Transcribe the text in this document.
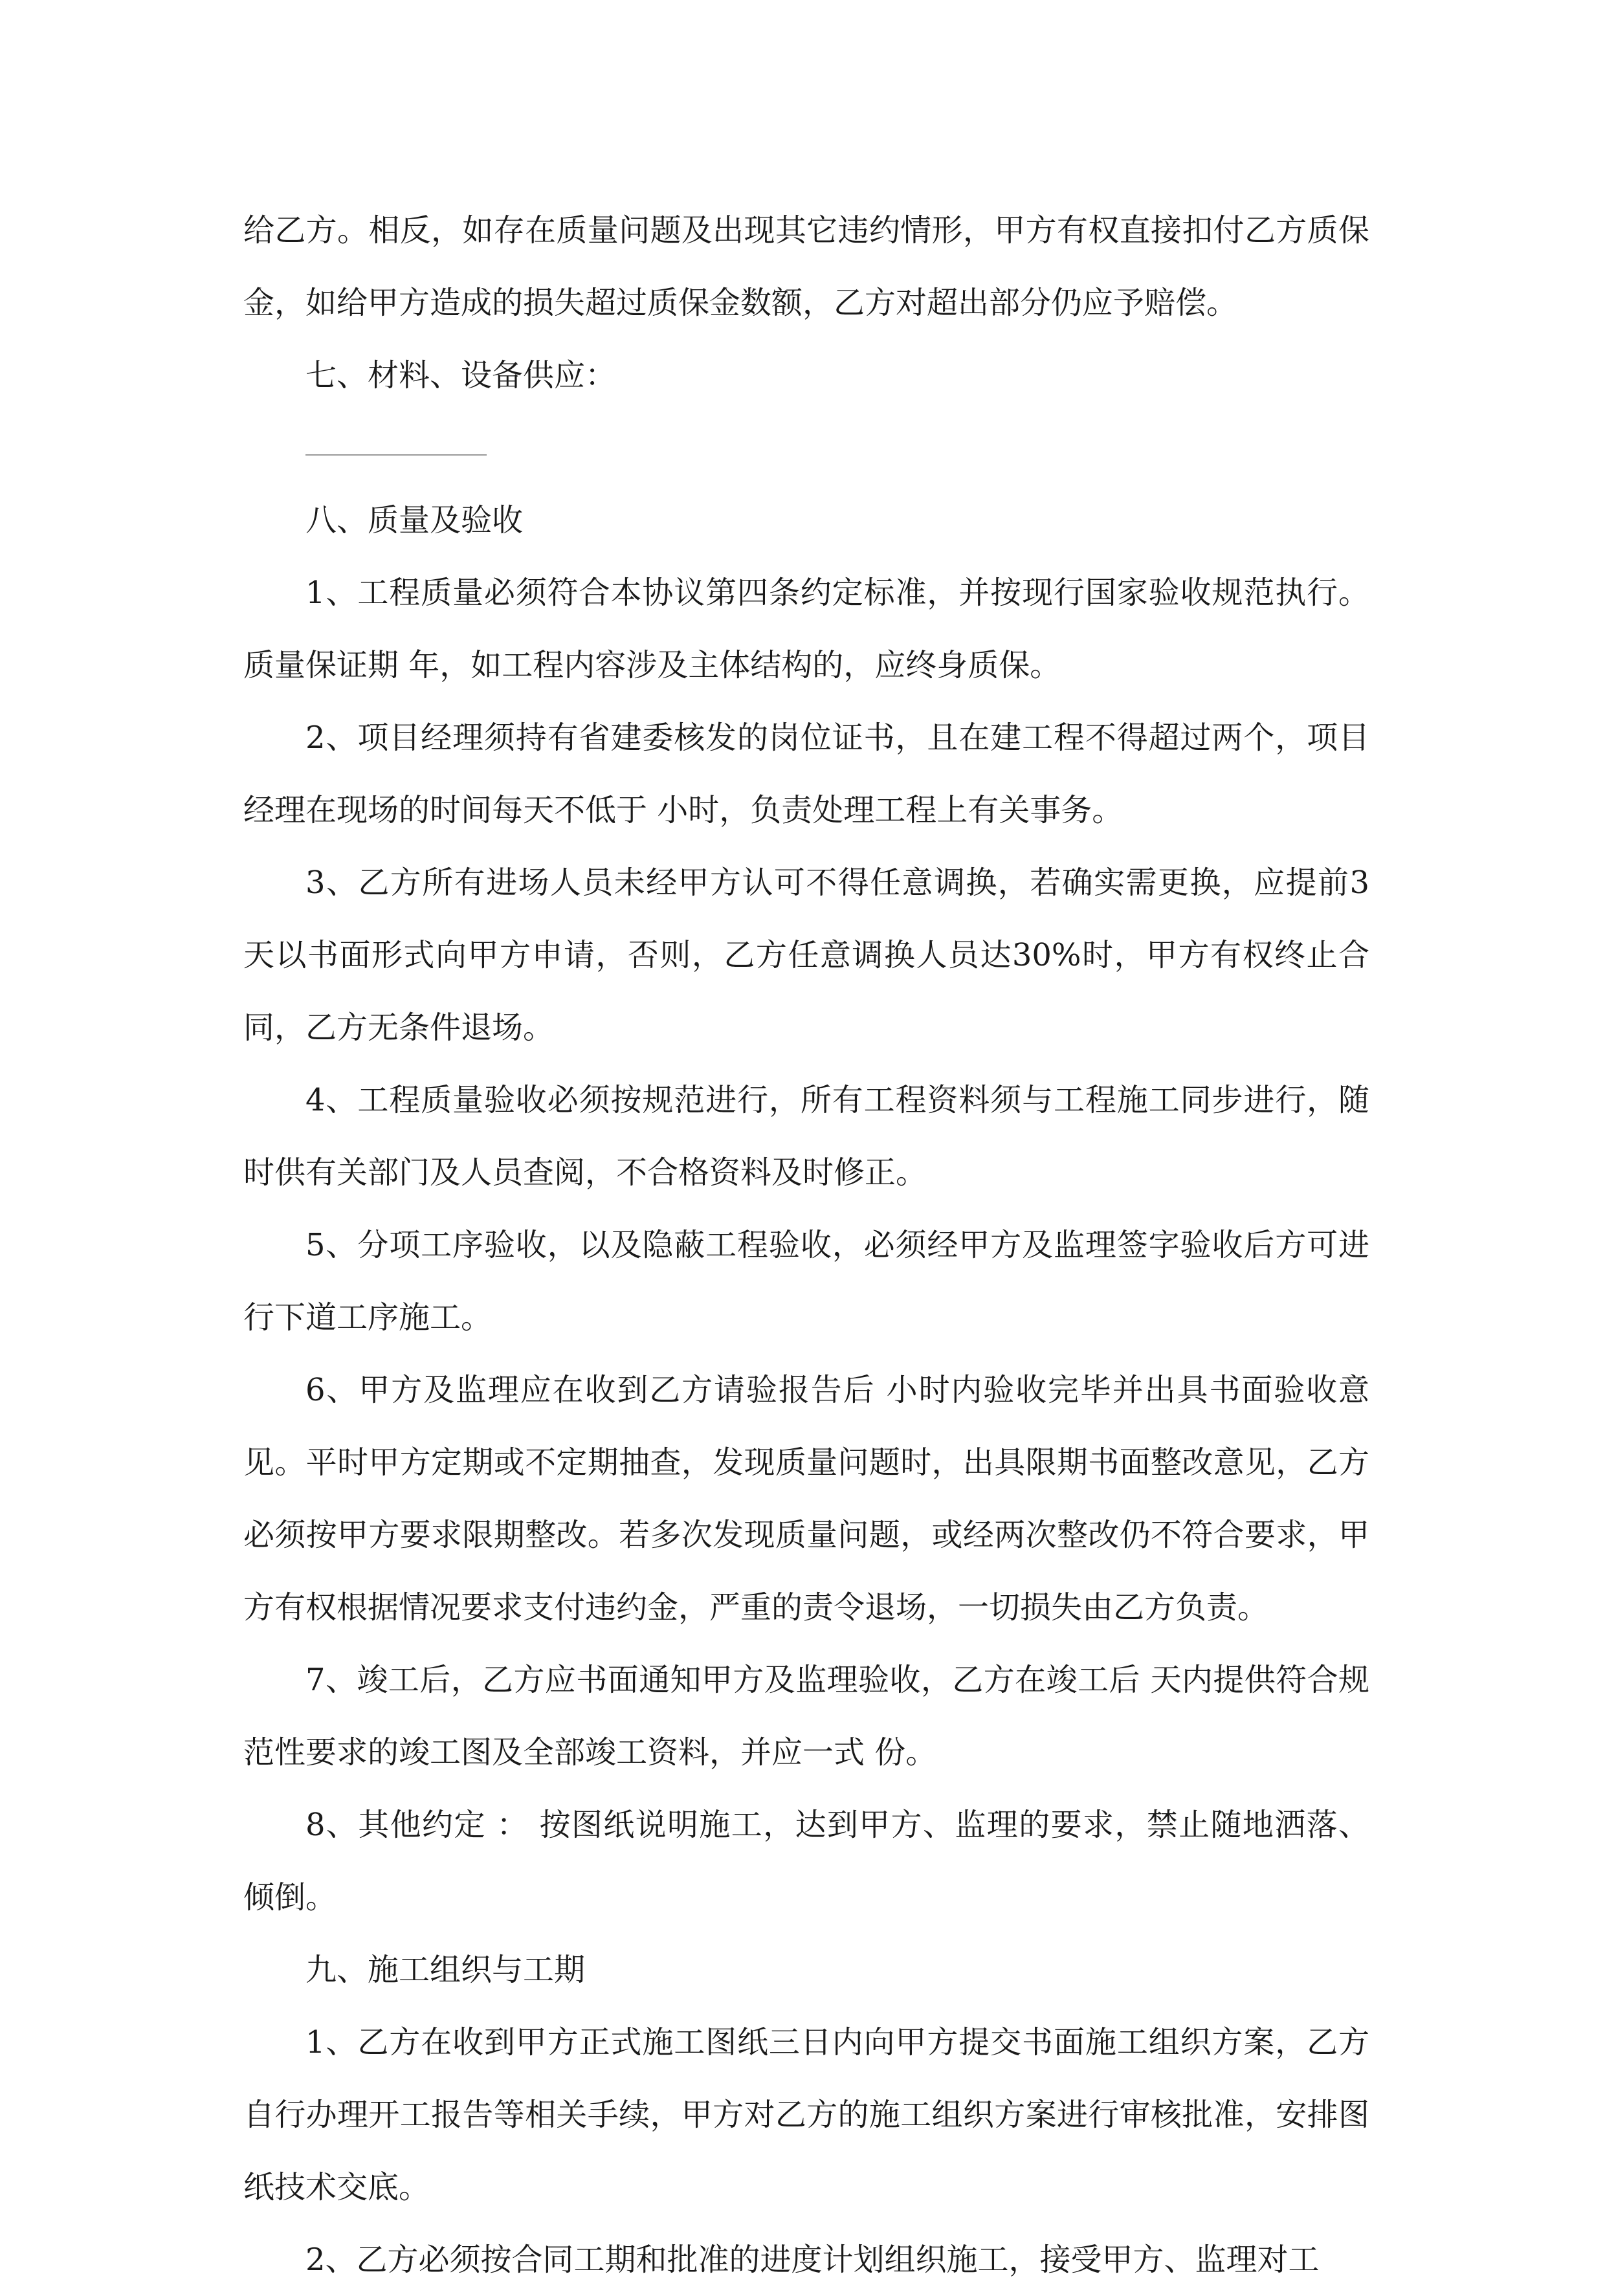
给乙方。相反，如存在质量问题及出现其它违约情形，甲方有权直接扣付乙方质保金，如给甲方造成的损失超过质保金数额，乙方对超出部分仍应予赔偿。

七、材料、设备供应：

八、质量及验收

1、工程质量必须符合本协议第四条约定标准，并按现行国家验收规范执行。质量保证期 年，如工程内容涉及主体结构的，应终身质保。

2、项目经理须持有省建委核发的岗位证书，且在建工程不得超过两个，项目经理在现场的时间每天不低于 小时，负责处理工程上有关事务。

3、乙方所有进场人员未经甲方认可不得任意调换，若确实需更换，应提前3天以书面形式向甲方申请，否则，乙方任意调换人员达30%时，甲方有权终止合同，乙方无条件退场。

4、工程质量验收必须按规范进行，所有工程资料须与工程施工同步进行，随时供有关部门及人员查阅，不合格资料及时修正。

5、分项工序验收，以及隐蔽工程验收，必须经甲方及监理签字验收后方可进行下道工序施工。

6、甲方及监理应在收到乙方请验报告后 小时内验收完毕并出具书面验收意见。平时甲方定期或不定期抽查，发现质量问题时，出具限期书面整改意见，乙方必须按甲方要求限期整改。若多次发现质量问题，或经两次整改仍不符合要求，甲方有权根据情况要求支付违约金，严重的责令退场，一切损失由乙方负责。

7、竣工后，乙方应书面通知甲方及监理验收，乙方在竣工后 天内提供符合规范性要求的竣工图及全部竣工资料，并应一式 份。

8、其他约定 ： 按图纸说明施工，达到甲方、监理的要求，禁止随地洒落、倾倒。

九、施工组织与工期

1、乙方在收到甲方正式施工图纸三日内向甲方提交书面施工组织方案，乙方自行办理开工报告等相关手续，甲方对乙方的施工组织方案进行审核批准，安排图纸技术交底。

2、乙方必须按合同工期和批准的进度计划组织施工，接受甲方、监理对工
